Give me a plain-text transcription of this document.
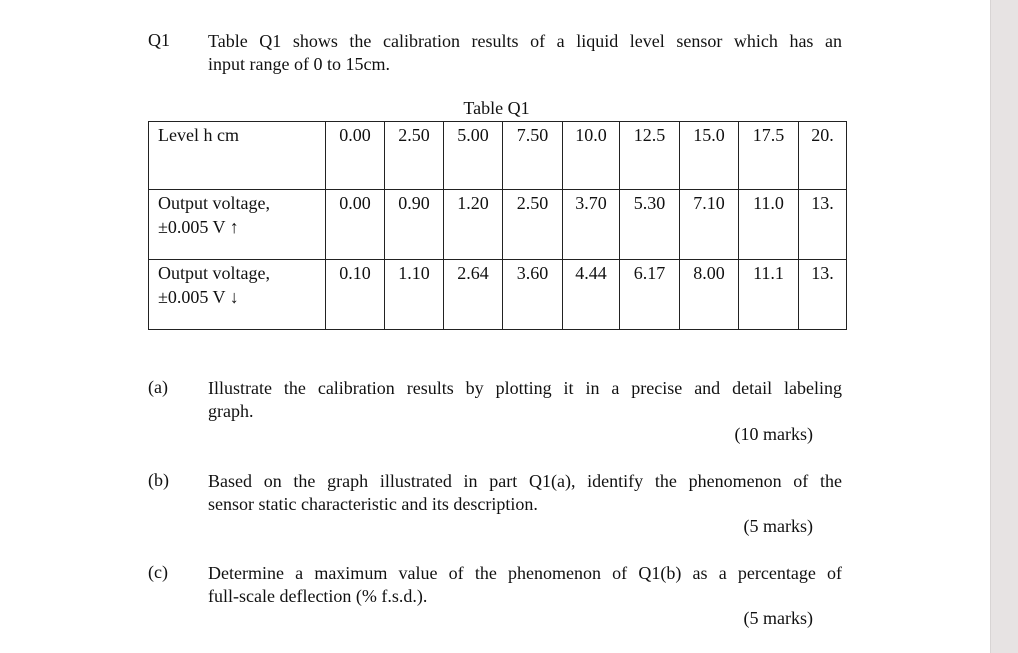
Q1 Table Q1 shows the calibration results of a liquid level sensor which has an
input range of 0 to 15cm.
Table Q1
Level h cm	0.00	2.50	5.00	7.50	10.0	12.5	15.0	17.5	20.
Output voltage,
±0.005 V ↑	0.00	0.90	1.20	2.50	3.70	5.30	7.10	11.0	13.
Output voltage,
±0.005 V ↓	0.10	1.10	2.64	3.60	4.44	6.17	8.00	11.1	13.
(a) Illustrate the calibration results by plotting it in a precise and detail labeling
graph.
(10 marks)
(b) Based on the graph illustrated in part Q1(a), identify the phenomenon of the
sensor static characteristic and its description.
(5 marks)
(c) Determine a maximum value of the phenomenon of Q1(b) as a percentage of
full-scale deflection (% f.s.d.).
(5 marks)
